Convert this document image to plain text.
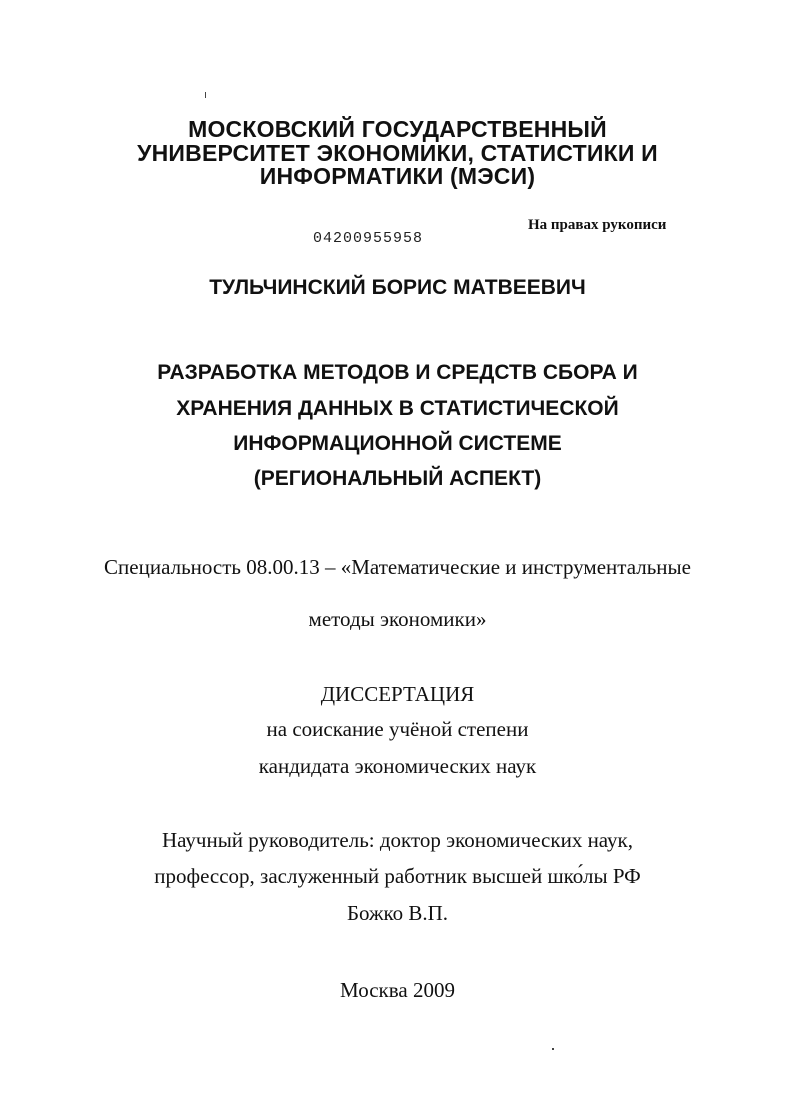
МОСКОВСКИЙ ГОСУДАРСТВЕННЫЙ
УНИВЕРСИТЕТ ЭКОНОМИКИ, СТАТИСТИКИ И
ИНФОРМАТИКИ (МЭСИ)
На правах рукописи
04200955958
ТУЛЬЧИНСКИЙ БОРИС МАТВЕЕВИЧ
РАЗРАБОТКА МЕТОДОВ И СРЕДСТВ СБОРА И
ХРАНЕНИЯ ДАННЫХ В СТАТИСТИЧЕСКОЙ
ИНФОРМАЦИОННОЙ СИСТЕМЕ
(РЕГИОНАЛЬНЫЙ АСПЕКТ)
Специальность 08.00.13 – «Математические и инструментальные
методы экономики»
ДИССЕРТАЦИЯ
на соискание учёной степени
кандидата экономических наук
Научный руководитель: доктор экономических наук,
профессор, заслуженный работник высшей шко́лы РФ
Божко В.П.
Москва 2009
